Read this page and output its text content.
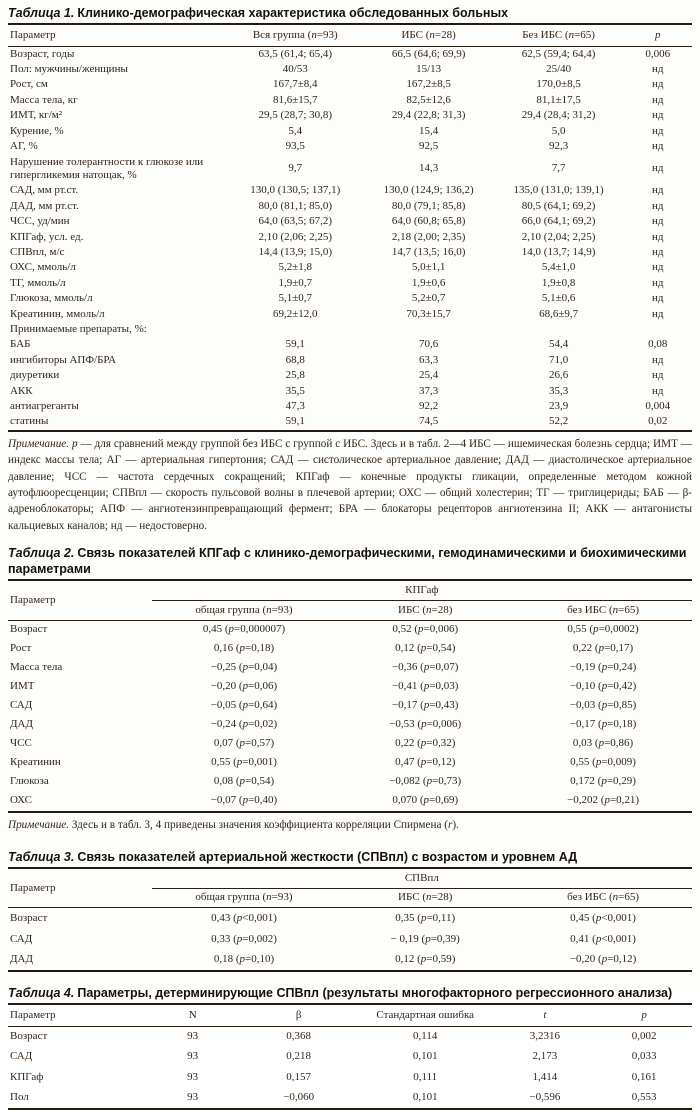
Таблица 1. Клинико-демографическая характеристика обследованных больных
Параметр	Вся группа (n=93)	ИБС (n=28)	Без ИБС (n=65)	p
Возраст, годы	63,5 (61,4; 65,4)	66,5 (64,6; 69,9)	62,5 (59,4; 64,4)	0,006
Пол: мужчины/женщины	40/53	15/13	25/40	нд
Рост, см	167,7±8,4	167,2±8,5	170,0±8,5	нд
Масса тела, кг	81,6±15,7	82,5±12,6	81,1±17,5	нд
ИМТ, кг/м²	29,5 (28,7; 30,8)	29,4 (22,8; 31,3)	29,4 (28,4; 31,2)	нд
Курение, %	5,4	15,4	5,0	нд
АГ, %	93,5	92,5	92,3	нд
Нарушение толерантности к глюкозе или гипергликемия натощак, %	9,7	14,3	7,7	нд
САД, мм рт.ст.	130,0 (130,5; 137,1)	130,0 (124,9; 136,2)	135,0 (131,0; 139,1)	нд
ДАД, мм рт.ст.	80,0 (81,1; 85,0)	80,0 (79,1; 85,8)	80,5 (64,1; 69,2)	нд
ЧСС, уд/мин	64,0 (63,5; 67,2)	64,0 (60,8; 65,8)	66,0 (64,1; 69,2)	нд
КПГаф, усл. ед.	2,10 (2,06; 2,25)	2,18 (2,00; 2,35)	2,10 (2,04; 2,25)	нд
СПВпл, м/с	14,4 (13,9; 15,0)	14,7 (13,5; 16,0)	14,0 (13,7; 14,9)	нд
ОХС, ммоль/л	5,2±1,8	5,0±1,1	5,4±1,0	нд
ТГ, ммоль/л	1,9±0,7	1,9±0,6	1,9±0,8	нд
Глюкоза, ммоль/л	5,1±0,7	5,2±0,7	5,1±0,6	нд
Креатинин, ммоль/л	69,2±12,0	70,3±15,7	68,6±9,7	нд
Принимаемые препараты, %:				
БАБ	59,1	70,6	54,4	0,08
ингибиторы АПФ/БРА	68,8	63,3	71,0	нд
диуретики	25,8	25,4	26,6	нд
АКК	35,5	37,3	35,3	нд
антиагреганты	47,3	92,2	23,9	0,004
статины	59,1	74,5	52,2	0,02
Примечание. p — для сравнений между группой без ИБС с группой с ИБС. Здесь и в табл. 2—4 ИБС — ишемическая болезнь сердца; ИМТ — индекс массы тела; АГ — артериальная гипертония; САД — систолическое артериальное давление; ДАД — диастолическое артериальное давление; ЧСС — частота сердечных сокращений; КПГаф — конечные продукты гликации, определенные методом кожной аутофлюоресценции; СПВпл — скорость пульсовой волны в плечевой артерии; ОХС — общий холестерин; ТГ — триглицериды; БАБ — β-адреноблокаторы; АПФ — ангиотензинпревращающий фермент; БРА — блокаторы рецепторов ангиотензина II; АКК — антагонисты кальциевых каналов; нд — недостоверно.
Таблица 2. Связь показателей КПГаф с клинико-демографическими, гемодинамическими и биохимическими параметрами
Параметр	КПГаф		
	общая группа (n=93)	ИБС (n=28)	без ИБС (n=65)
Возраст	0,45 (p=0,000007)	0,52 (p=0,006)	0,55 (p=0,0002)
Рост	0,16 (p=0,18)	0,12 (p=0,54)	0,22 (p=0,17)
Масса тела	−0,25 (p=0,04)	−0,36 (p=0,07)	−0,19 (p=0,24)
ИМТ	−0,20 (p=0,06)	−0,41 (p=0,03)	−0,10 (p=0,42)
САД	−0,05 (p=0,64)	−0,17 (p=0,43)	−0,03 (p=0,85)
ДАД	−0,24 (p=0,02)	−0,53 (p=0,006)	−0,17 (p=0,18)
ЧСС	0,07 (p=0,57)	0,22 (p=0,32)	0,03 (p=0,86)
Креатинин	0,55 (p=0,001)	0,47 (p=0,12)	0,55 (p=0,009)
Глюкоза	0,08 (p=0,54)	−0,082 (p=0,73)	0,172 (p=0,29)
ОХС	−0,07 (p=0,40)	0,070 (p=0,69)	−0,202 (p=0,21)
Примечание. Здесь и в табл. 3, 4 приведены значения коэффициента корреляции Спирмена (r).
Таблица 3. Связь показателей артериальной жесткости (СПВпл) с возрастом и уровнем АД
Параметр	СПВпл		
	общая группа (n=93)	ИБС (n=28)	без ИБС (n=65)
Возраст	0,43 (p<0,001)	0,35 (p=0,11)	0,45 (p<0,001)
САД	0,33 (p=0,002)	− 0,19 (p=0,39)	0,41 (p<0,001)
ДАД	0,18 (p=0,10)	0,12 (p=0,59)	−0,20 (p=0,12)
Таблица 4. Параметры, детерминирующие СПВпл (результаты многофакторного регрессионного анализа)
Параметр	N	β	Стандартная ошибка	t	p
Возраст	93	0,368	0,114	3,2316	0,002
САД	93	0,218	0,101	2,173	0,033
КПГаф	93	0,157	0,111	1,414	0,161
Пол	93	−0,060	0,101	−0,596	0,553
